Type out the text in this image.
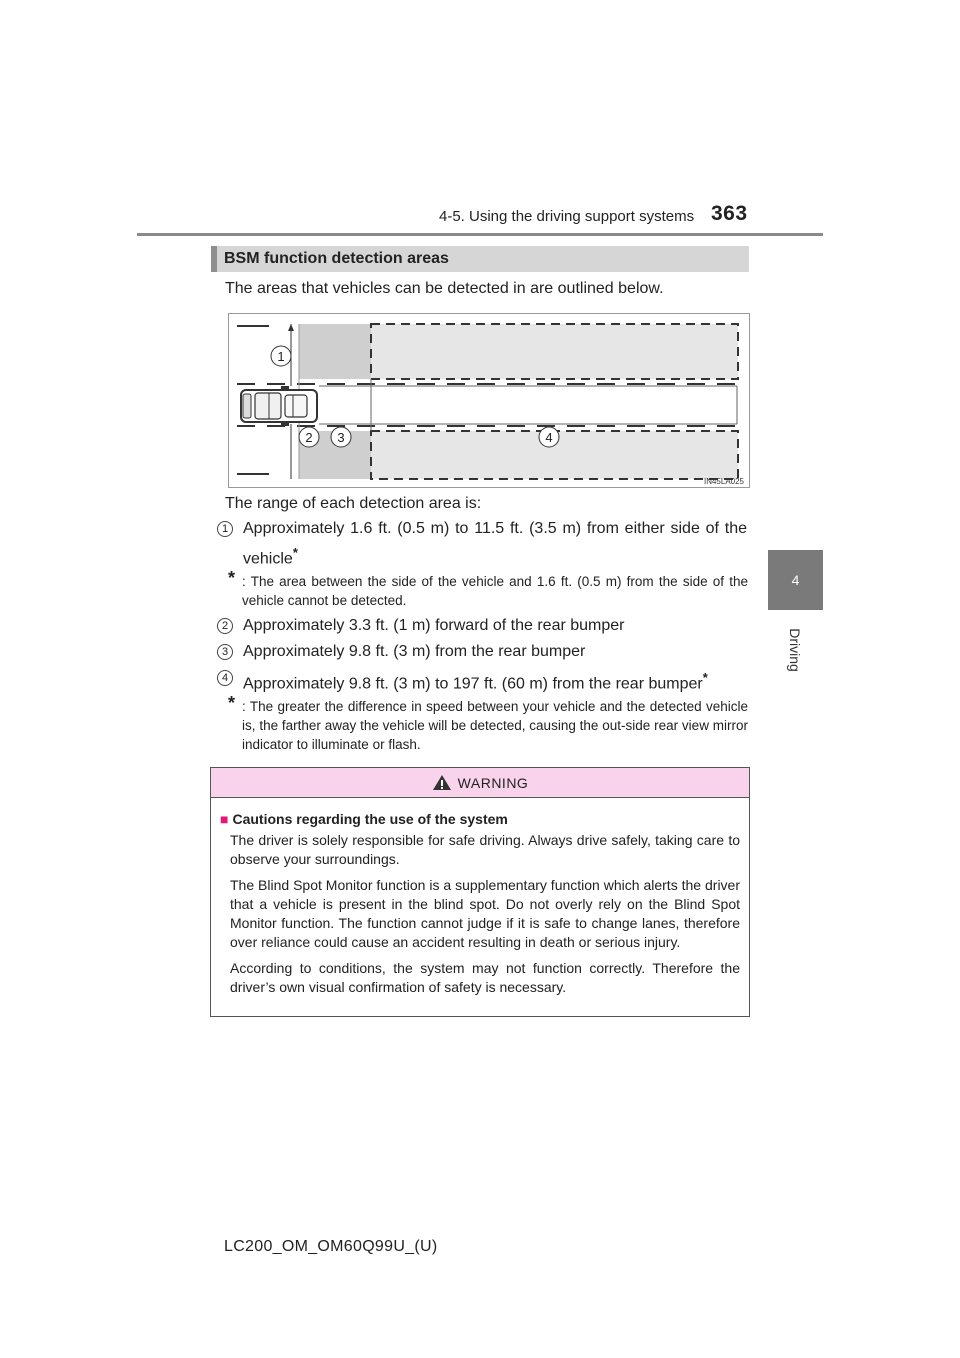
4-5. Using the driving support systems 363
4
Driving
BSM function detection areas
The areas that vehicles can be detected in are outlined below.
1
2 3	4
IN45LA025
The range of each detection area is:
1 Approximately 1.6 ft. (0.5 m) to 11.5 ft. (3.5 m) from either side of the vehicle*
* : The area between the side of the vehicle and 1.6 ft. (0.5 m) from the side of the vehicle cannot be detected.
2 Approximately 3.3 ft. (1 m) forward of the rear bumper
3 Approximately 9.8 ft. (3 m) from the rear bumper
4 Approximately 9.8 ft. (3 m) to 197 ft. (60 m) from the rear bumper*
* : The greater the difference in speed between your vehicle and the detected vehicle is, the farther away the vehicle will be detected, causing the out-side rear view mirror indicator to illuminate or flash.
WARNING
■ Cautions regarding the use of the system

The driver is solely responsible for safe driving. Always drive safely, taking care to observe your surroundings.

The Blind Spot Monitor function is a supplementary function which alerts the driver that a vehicle is present in the blind spot. Do not overly rely on the Blind Spot Monitor function. The function cannot judge if it is safe to change lanes, therefore over reliance could cause an accident resulting in death or serious injury.

According to conditions, the system may not function correctly. Therefore the driver’s own visual confirmation of safety is necessary.

LC200_OM_OM60Q99U_(U)
